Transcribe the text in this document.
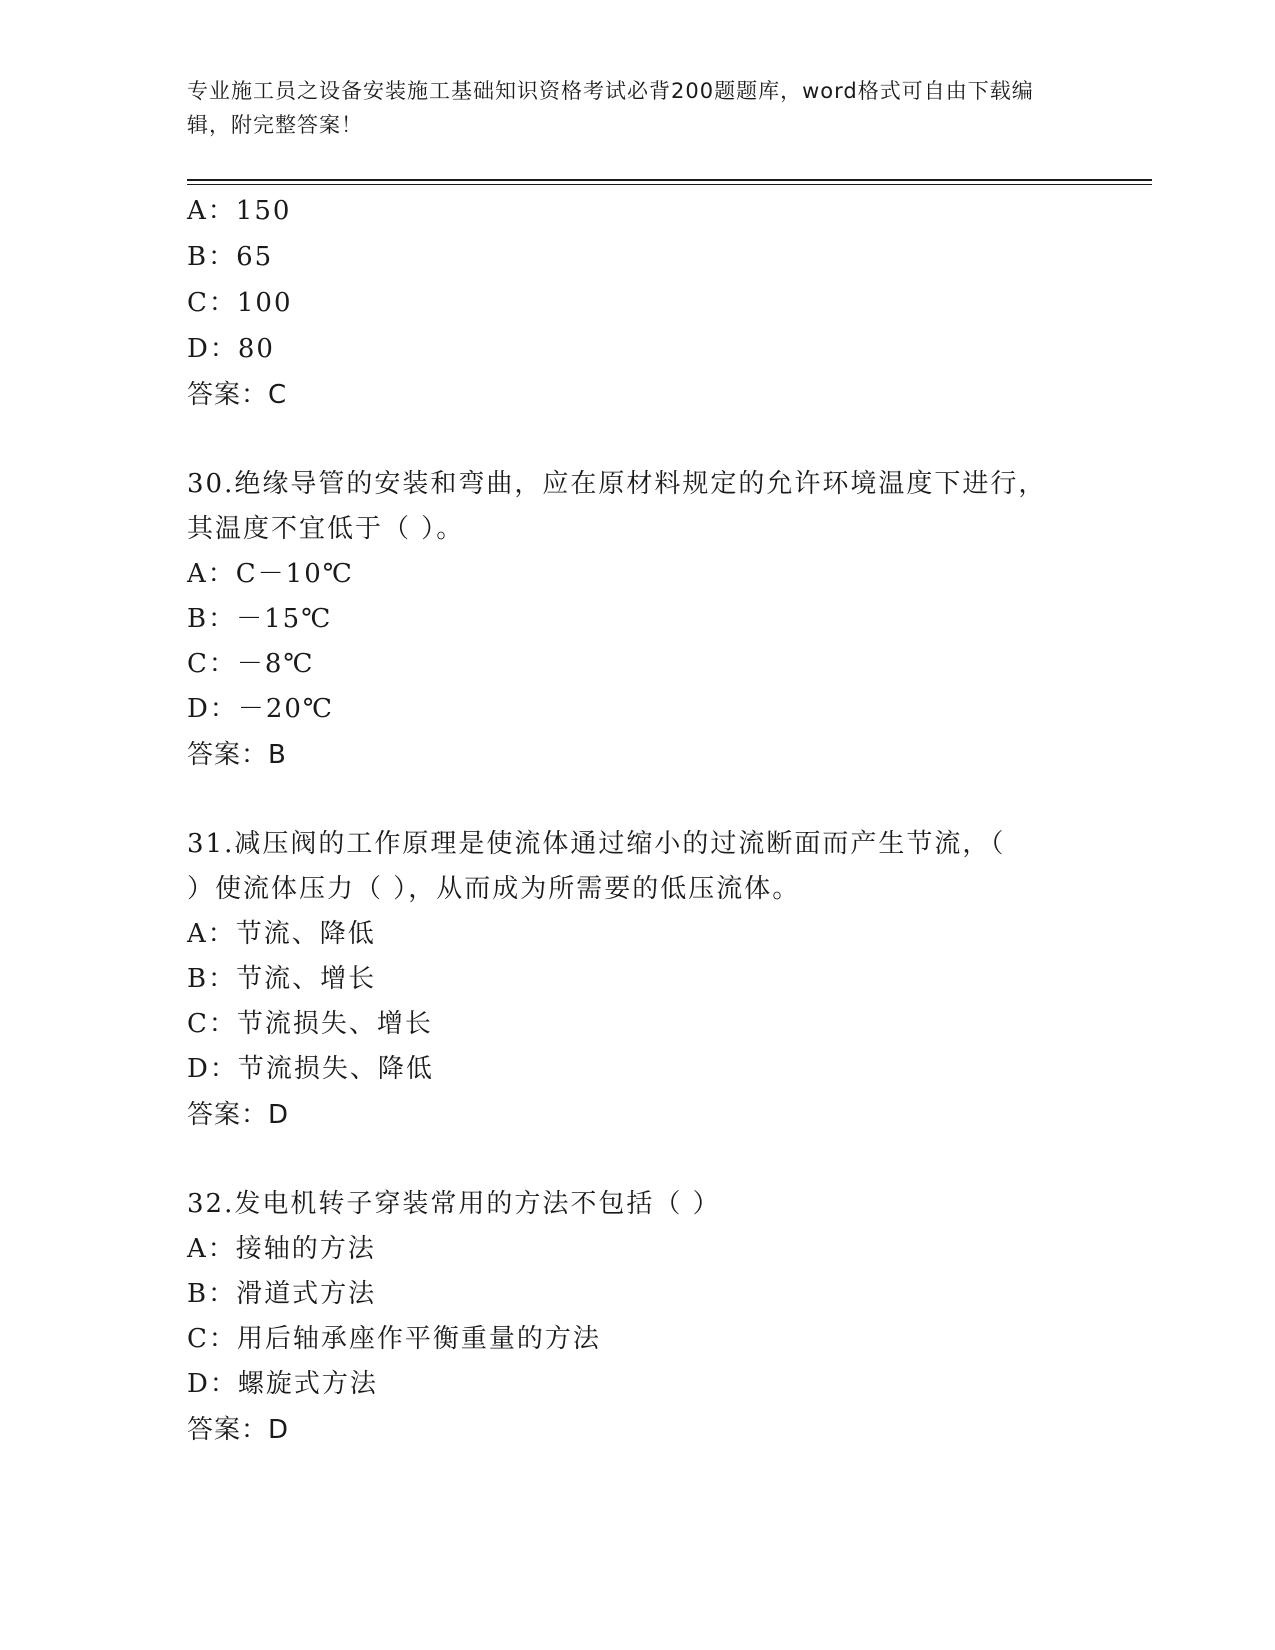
专业施工员之设备安装施工基础知识资格考试必背200题题库，word格式可自由下载编辑，附完整答案！
A：150
B：65
C：100
D：80
答案：C
30.绝缘导管的安装和弯曲，应在原材料规定的允许环境温度下进行，
其温度不宜低于（ ）。
A：C－10℃
B：－15℃
C：－8℃
D：－20℃
答案：B
31.减压阀的工作原理是使流体通过缩小的过流断面而产生节流，（
）使流体压力（ ），从而成为所需要的低压流体。
A：节流、降低
B：节流、增长
C：节流损失、增长
D：节流损失、降低
答案：D
32.发电机转子穿装常用的方法不包括（ ）
A：接轴的方法
B：滑道式方法
C：用后轴承座作平衡重量的方法
D：螺旋式方法
答案：D
